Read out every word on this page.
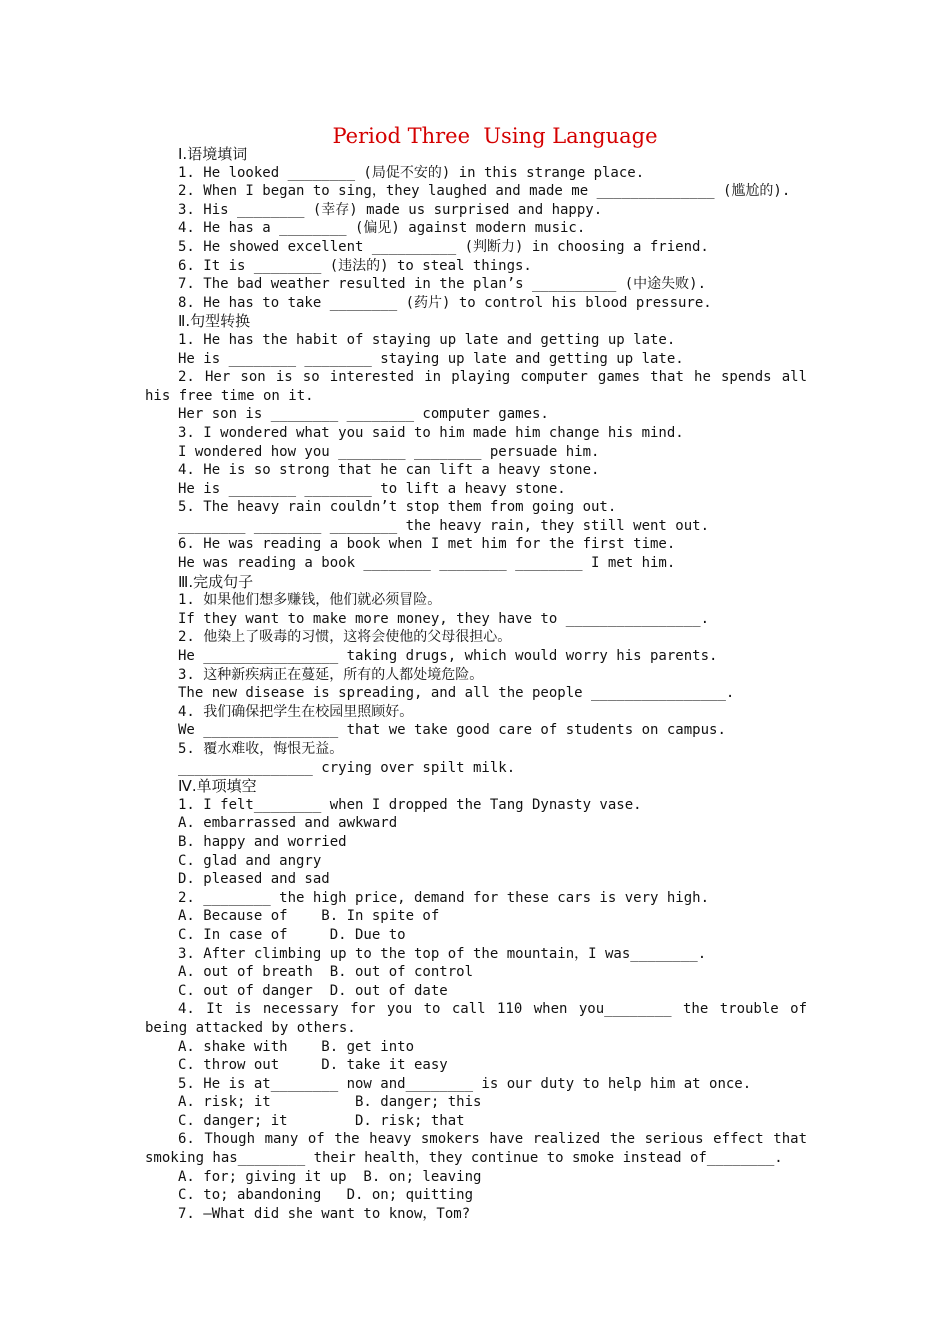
Period Three  Using Language
Ⅰ.语境填词
1. He looked ________ (局促不安的) in this strange place.
2. When I began to sing，they laughed and made me ______________ (尴尬的).
3. His ________ (幸存) made us surprised and happy.
4. He has a ________ (偏见) against modern music.
5. He showed excellent __________ (判断力) in choosing a friend.
6. It is ________ (违法的) to steal things.
7. The bad weather resulted in the plan’s __________ (中途失败).
8. He has to take ________ (药片) to control his blood pressure.
Ⅱ.句型转换
1. He has the habit of staying up late and getting up late.
He is ________ ________ staying up late and getting up late.
2. Her son is so interested in playing computer games that he spends all his free time on it.
Her son is ________ ________ computer games.
3. I wondered what you said to him made him change his mind.
I wondered how you ________ ________ persuade him.
4. He is so strong that he can lift a heavy stone.
He is ________ ________ to lift a heavy stone.
5. The heavy rain couldn’t stop them from going out.
________ ________ ________ the heavy rain, they still went out.
6. He was reading a book when I met him for the first time.
He was reading a book ________ ________ ________ I met him.
Ⅲ.完成句子
1. 如果他们想多赚钱，他们就必须冒险。
If they want to make more money, they have to ________________.
2. 他染上了吸毒的习惯，这将会使他的父母很担心。
He ________________ taking drugs, which would worry his parents.
3. 这种新疾病正在蔓延，所有的人都处境危险。
The new disease is spreading, and all the people ________________.
4. 我们确保把学生在校园里照顾好。
We ________________ that we take good care of students on campus.
5. 覆水难收，悔恨无益。
________________ crying over spilt milk.
Ⅳ.单项填空
1. I felt________ when I dropped the Tang Dynasty vase.
A. embarrassed and awkward
B. happy and worried
C. glad and angry
D. pleased and sad
2. ________ the high price, demand for these cars is very high.
A. Because of    B. In spite of
C. In case of     D. Due to
3. After climbing up to the top of the mountain，I was________.
A. out of breath  B. out of control
C. out of danger  D. out of date
4. It is necessary for you to call 110 when you________ the trouble of being attacked by others.
A. shake with    B. get into
C. throw out     D. take it easy
5. He is at________ now and________ is our duty to help him at once.
A. risk; it          B. danger; this
C. danger; it        D. risk; that
6. Though many of the heavy smokers have realized the serious effect that smoking has________ their health，they continue to smoke instead of________.
A. for; giving it up  B. on; leaving
C. to; abandoning   D. on; quitting
7. —What did she want to know，Tom?
